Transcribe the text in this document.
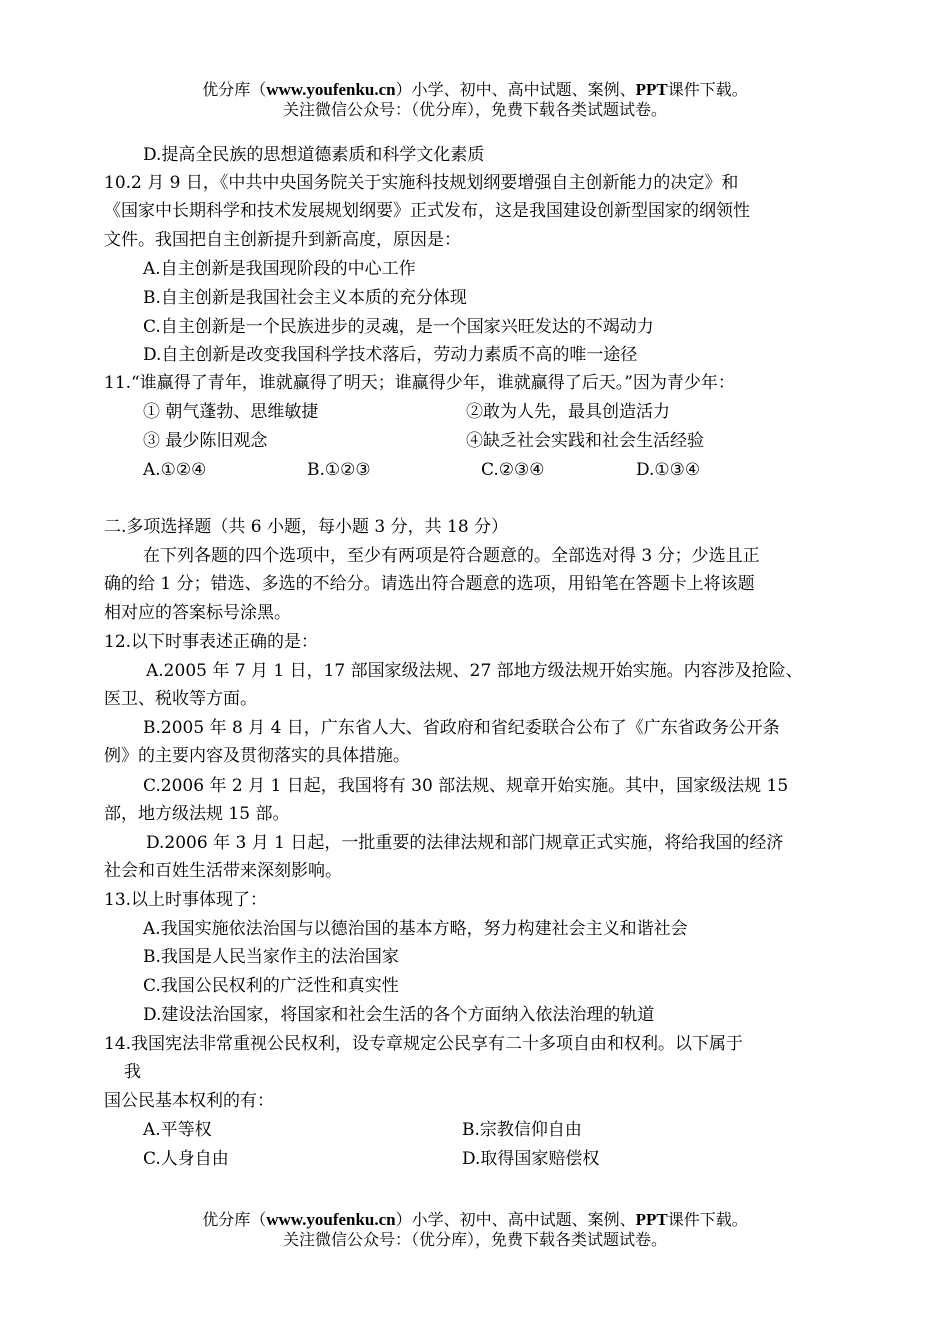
优分库（www.youfenku.cn）小学、初中、高中试题、案例、PPT课件下载。
关注微信公众号：（优分库），免费下载各类试题试卷。
D.提高全民族的思想道德素质和科学文化素质
10.2 月 9 日，《中共中央国务院关于实施科技规划纲要增强自主创新能力的决定》和
《国家中长期科学和技术发展规划纲要》正式发布，这是我国建设创新型国家的纲领性
文件。我国把自主创新提升到新高度，原因是：
A.自主创新是我国现阶段的中心工作
B.自主创新是我国社会主义本质的充分体现
C.自主创新是一个民族进步的灵魂，是一个国家兴旺发达的不竭动力
D.自主创新是改变我国科学技术落后，劳动力素质不高的唯一途径
11.“谁赢得了青年，谁就赢得了明天；谁赢得少年，谁就赢得了后天。”因为青少年：
① 朝气蓬勃、思维敏捷	②敢为人先，最具创造活力
③ 最少陈旧观念	④缺乏社会实践和社会生活经验
A.①②④	B.①②③	C.②③④	D.①③④
二.多项选择题（共 6 小题，每小题 3 分，共 18 分）
在下列各题的四个选项中，至少有两项是符合题意的。全部选对得 3 分；少选且正
确的给 1 分；错选、多选的不给分。请选出符合题意的选项，用铅笔在答题卡上将该题
相对应的答案标号涂黑。
12.以下时事表述正确的是：
A.2005 年 7 月 1 日，17 部国家级法规、27 部地方级法规开始实施。内容涉及抢险、
医卫、税收等方面。
B.2005 年 8 月 4 日，广东省人大、省政府和省纪委联合公布了《广东省政务公开条
例》的主要内容及贯彻落实的具体措施。
C.2006 年 2 月 1 日起，我国将有 30 部法规、规章开始实施。其中，国家级法规 15
部，地方级法规 15 部。
D.2006 年 3 月 1 日起，一批重要的法律法规和部门规章正式实施，将给我国的经济
社会和百姓生活带来深刻影响。
13.以上时事体现了：
A.我国实施依法治国与以德治国的基本方略，努力构建社会主义和谐社会
B.我国是人民当家作主的法治国家
C.我国公民权利的广泛性和真实性
D.建设法治国家，将国家和社会生活的各个方面纳入依法治理的轨道
14.我国宪法非常重视公民权利，设专章规定公民享有二十多项自由和权利。以下属于
我
国公民基本权利的有：
A.平等权	B.宗教信仰自由
C.人身自由	D.取得国家赔偿权
优分库（www.youfenku.cn）小学、初中、高中试题、案例、PPT课件下载。
关注微信公众号：（优分库），免费下载各类试题试卷。
